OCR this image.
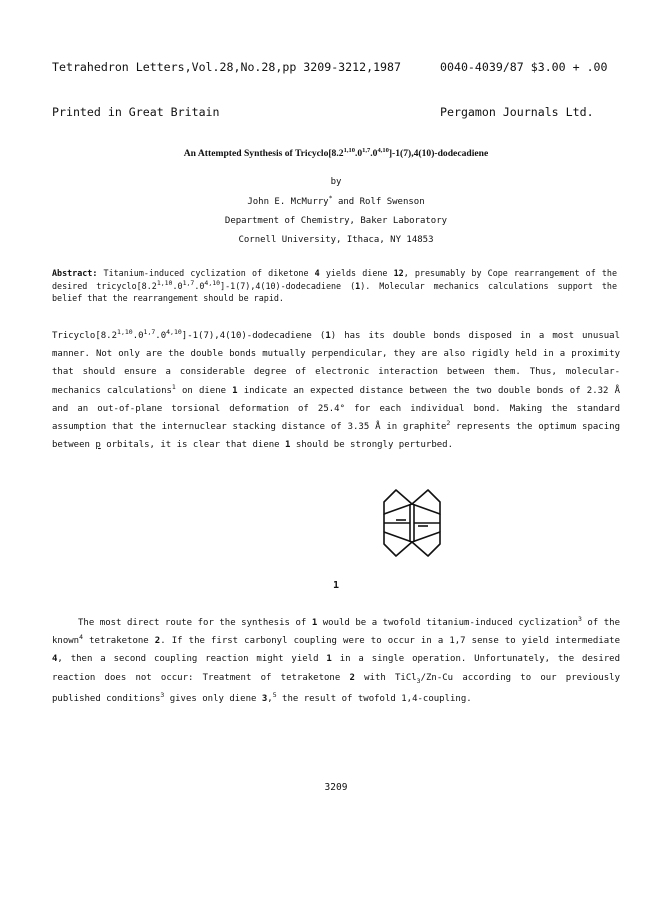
Tetrahedron Letters,Vol.28,No.28,pp 3209-3212,1987

Printed in Great Britain

0040-4039/87 $3.00 + .00

Pergamon Journals Ltd.

An Attempted Synthesis of Tricyclo[8.2$^{1,10}$.0$^{1,7}$.0$^{4,10}$]-1(7),4(10)-dodecadiene
by
John E. McMurry* and Rolf Swenson
Department of Chemistry, Baker Laboratory
Cornell University, Ithaca, NY 14853
Abstract: Titanium-induced cyclization of diketone 4 yields diene 12, presumably by Cope rearrangement of the desired tricyclo[8.2$^{1,10}$.0$^{1,7}$.0$^{4,10}$]-1(7),4(10)-dodecadiene (1). Molecular mechanics calculations support the belief that the rearrangement should be rapid.

Tricyclo[8.2$^{1,10}$.0$^{1,7}$.0$^{4,10}$]-1(7),4(10)-dodecadiene (1) has its double bonds disposed in a most unusual manner. Not only are the double bonds mutually perpendicular, they are also rigidly held in a proximity that should ensure a considerable degree of electronic interaction between them. Thus, molecular-mechanics calculations$^1$ on diene 1 indicate an expected distance between the two double bonds of 2.32 Å and an out-of-plane torsional deformation of 25.4° for each individual bond. Making the standard assumption that the internuclear stacking distance of 3.35 Å in graphite$^2$ represents the optimum spacing between p orbitals, it is clear that diene 1 should be strongly perturbed.

1

The most direct route for the synthesis of 1 would be a twofold titanium-induced cyclization$^3$ of the known$^4$ tetraketone 2. If the first carbonyl coupling were to occur in a 1,7 sense to yield intermediate 4, then a second coupling reaction might yield 1 in a single operation. Unfortunately, the desired reaction does not occur: Treatment of tetraketone 2 with TiCl$_3$/Zn-Cu according to our previously published conditions$^3$ gives only diene 3,$^5$ the result of twofold 1,4-coupling.

3209
